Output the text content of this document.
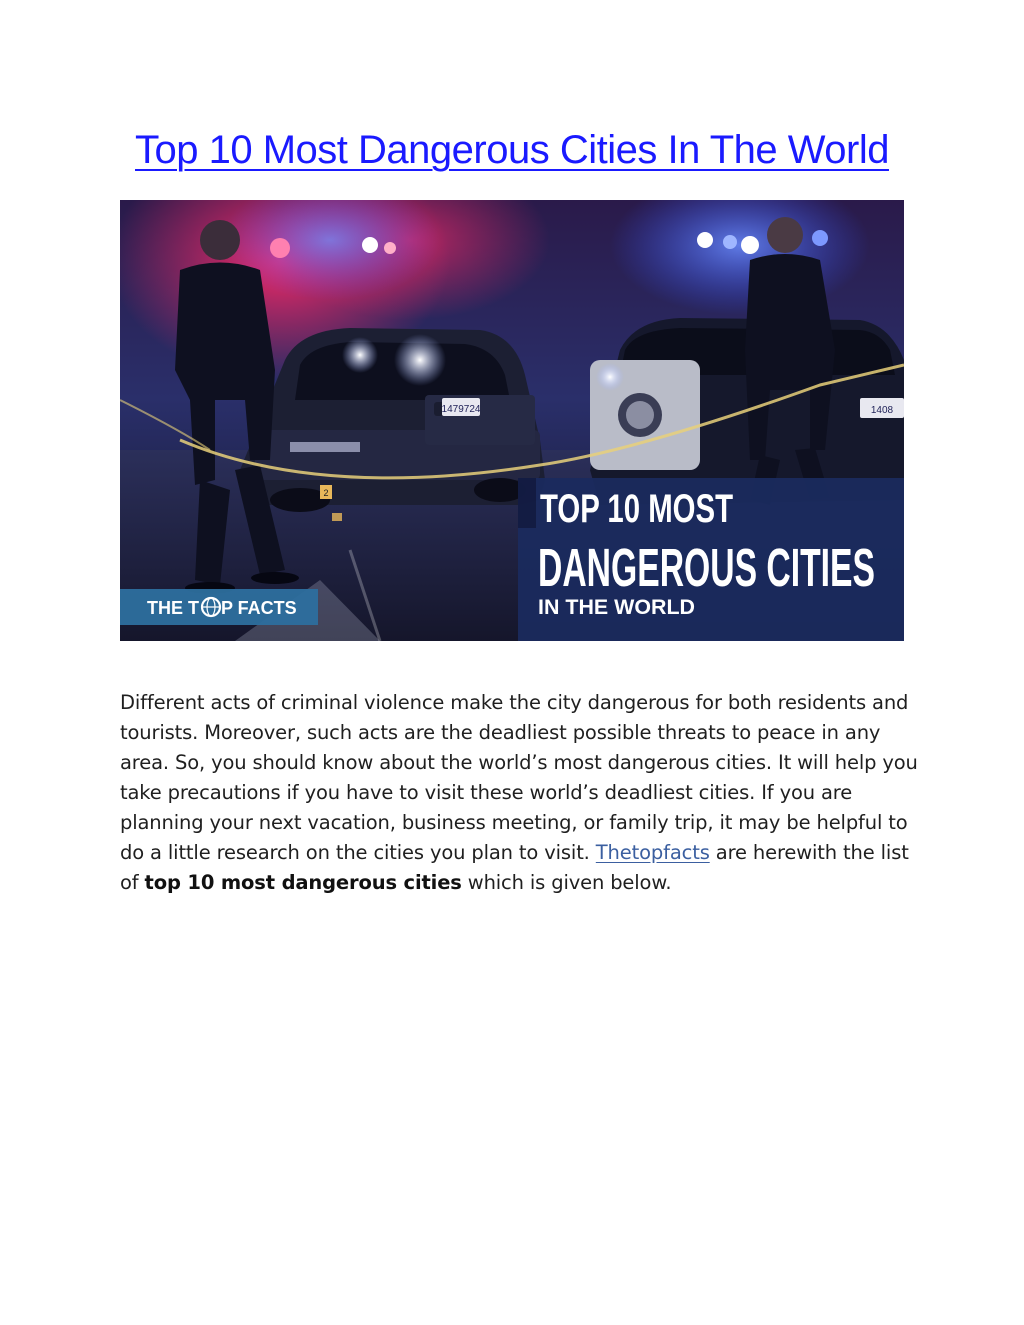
Top 10 Most Dangerous Cities In The World
1479724	1408
2	TOP 10 MOST
DANGEROUS CITIES
IN THE WORLD
THE T P FACTS

Different acts of criminal violence make the city dangerous for both residents and tourists. Moreover, such acts are the deadliest possible threats to peace in any area. So, you should know about the world’s most dangerous cities. It will help you take precautions if you have to visit these world’s deadliest cities. If you are planning your next vacation, business meeting, or family trip, it may be helpful to do a little research on the cities you plan to visit. Thetopfacts are herewith the list of top 10 most dangerous cities which is given below.
